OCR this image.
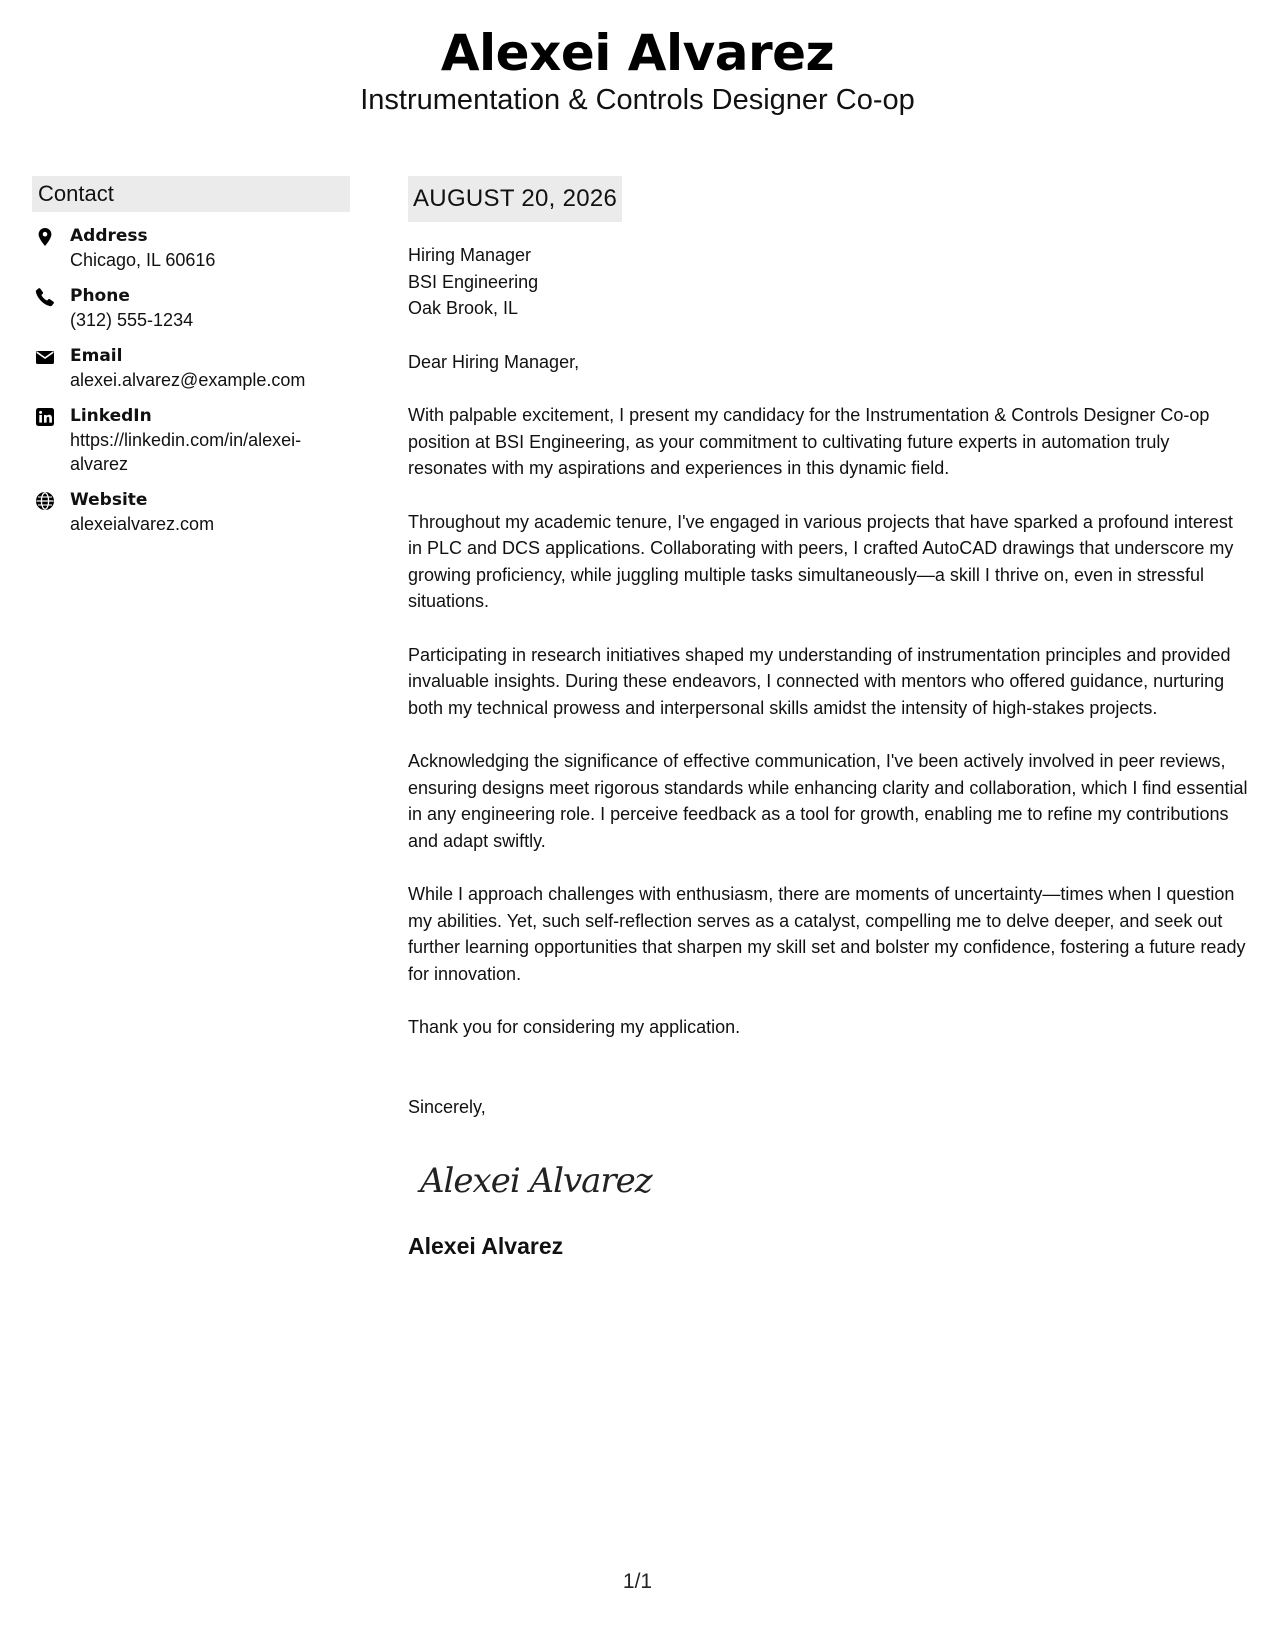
Alexei Alvarez
Instrumentation & Controls Designer Co-op
Contact
Address
Chicago, IL 60616
Phone
(312) 555-1234
Email
alexei.alvarez@example.com
LinkedIn
https://linkedin.com/in/alexei-alvarez
Website
alexeialvarez.com
AUGUST 20, 2026
Hiring Manager
BSI Engineering
Oak Brook, IL
Dear Hiring Manager,

With palpable excitement, I present my candidacy for the Instrumentation & Controls Designer Co-op position at BSI Engineering, as your commitment to cultivating future experts in automation truly resonates with my aspirations and experiences in this dynamic field.

Throughout my academic tenure, I've engaged in various projects that have sparked a profound interest in PLC and DCS applications. Collaborating with peers, I crafted AutoCAD drawings that underscore my growing proficiency, while juggling multiple tasks simultaneously—a skill I thrive on, even in stressful situations.

Participating in research initiatives shaped my understanding of instrumentation principles and provided invaluable insights. During these endeavors, I connected with mentors who offered guidance, nurturing both my technical prowess and interpersonal skills amidst the intensity of high-stakes projects.

Acknowledging the significance of effective communication, I've been actively involved in peer reviews, ensuring designs meet rigorous standards while enhancing clarity and collaboration, which I find essential in any engineering role. I perceive feedback as a tool for growth, enabling me to refine my contributions and adapt swiftly.

While I approach challenges with enthusiasm, there are moments of uncertainty—times when I question my abilities. Yet, such self-reflection serves as a catalyst, compelling me to delve deeper, and seek out further learning opportunities that sharpen my skill set and bolster my confidence, fostering a future ready for innovation.

Thank you for considering my application.

Sincerely,
Alexei Alvarez
Alexei Alvarez
1/1
